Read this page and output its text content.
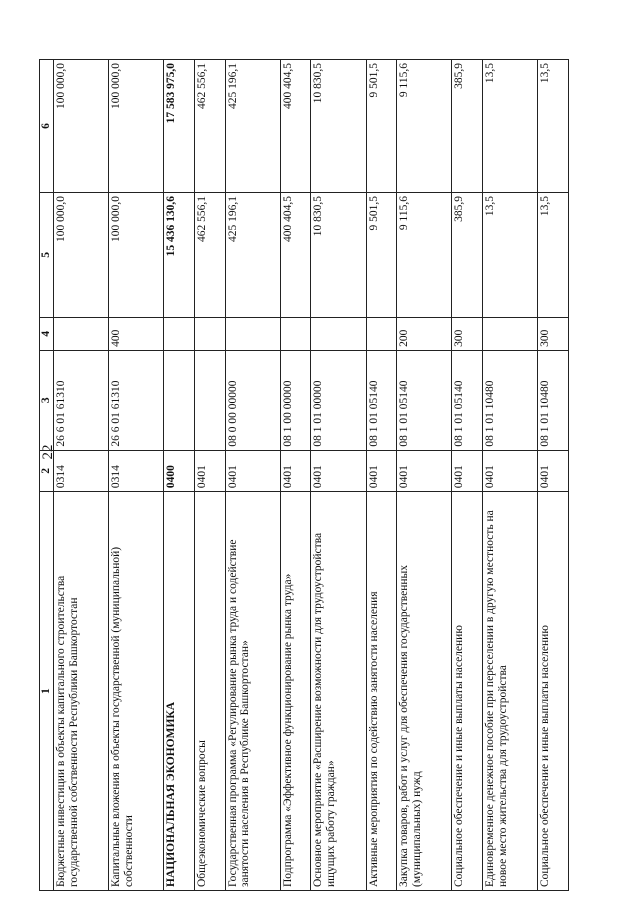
22
1	2	3	4	5	6
Бюджетные инвестиции в объекты капитального строительства государственной собственности Республики Башкортостан	0314	26 6 01 61310		100 000,0	100 000,0
Капитальные вложения в объекты государственной (муниципальной) собственности	0314	26 6 01 61310	400	100 000,0	100 000,0
НАЦИОНАЛЬНАЯ ЭКОНОМИКА	0400			15 436 130,6	17 583 975,0
Общеэкономические вопросы	0401			462 556,1	462 556,1
Государственная программа «Регулирование рынка труда и содействие занятости населения в Республике Башкортостан»	0401	08 0 00 00000		425 196,1	425 196,1
Подпрограмма «Эффективное функционирование рынка труда»	0401	08 1 00 00000		400 404,5	400 404,5
Основное мероприятие «Расширение возможности для трудоустройства ищущих работу граждан»	0401	08 1 01 00000		10 830,5	10 830,5
Активные мероприятия по содействию занятости населения	0401	08 1 01 05140		9 501,5	9 501,5
Закупка товаров, работ и услуг для обеспечения государственных (муниципальных) нужд	0401	08 1 01 05140	200	9 115,6	9 115,6
Социальное обеспечение и иные выплаты населению	0401	08 1 01 05140	300	385,9	385,9
Единовременное денежное пособие при переселении в другую местность на новое место жительства для трудоустройства	0401	08 1 01 10480		13,5	13,5
Социальное обеспечение и иные выплаты населению	0401	08 1 01 10480	300	13,5	13,5
